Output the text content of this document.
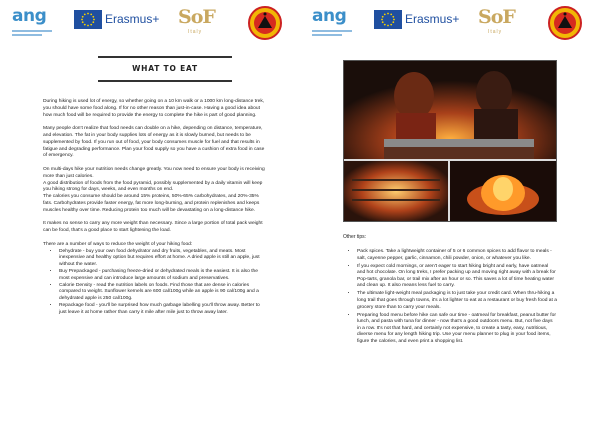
ang	Erasmus+ SoF
Italy
WHAT TO EAT

During hiking is used lot of energy, so whether going on a 10 km walk or a 1000 km long-distance trek, you should have some food along. If for no other reason than just-in-case. Having a good idea about how much food will be required to provide the energy to complete the hike is part of good planning.

Many people don't realize that food needs can double on a hike, depending on distance, temperature, and elevation. The fat in your body supplies lots of energy as it is slowly burned, but needs to be supplemented by food. If you run out of food, your body consumes muscle for fuel and that results in fatigue and degrading performance. Plan your food supply so you have a cushion of extra food in case of emergency.

On multi-days hike your nutrition needs change greatly. You now need to ensure your body is receiving more than just calories.
A good distribution of foods from the food pyramid, possibly supplemented by a daily vitamin will keep you hiking strong for days, weeks, and even months on end.
The calories you consume should be around 15% proteins, 50%-65% carbohydrates, and 20%-35% fats. Carbohydrates provide faster energy, fat more long-burning, and protein replenishes and keeps muscles healthy over time. Reducing protein too much will be devastating on a long-distance hike.

It makes no sense to carry any more weight than necessary. Since a large portion of total pack weight can be food, that's a good place to start lightening the load.

There are a number of ways to reduce the weight of your hiking food:

• Dehydrate - buy your own food dehydrator and dry fruits, vegetables, and meats. Most inexpensive and healthy option but requires effort at home. A dried apple is still an apple, just without the water.
• Buy Prepackaged - purchasing freeze-dried or dehydrated meals is the easiest. It is also the most expensive and can introduce large amounts of sodium and preservatives.
• Calorie Density - read the nutrition labels on foods. Find those that are dense in calories compared to weight. Sunflower kernels are 600 cal/100g while an apple is 90 cal/100g and a dehydrated apple is 250 cal/100g.
• Repackage food - you'll be surprised how much garbage labelling you'll throw away. Better to just leave it at home rather than carry it mile after mile just to throw away later.
ang	Erasmus+ SoF
Italy
Other tips:
• Pack spices. Take a lightweight container of 5 or 6 common spices to add flavor to meals - salt, cayenne pepper, garlic, cinnamon, chili powder, onion, or whatever you like.
• If you expect cold mornings, or aren't eager to start hiking bright and early, have oatmeal and hot chocolate. On long treks, I prefer packing up and moving right away with a break for Pop-tarts, granola bar, or trail mix after an hour or so. This saves a lot of time heating water and clean up. It also means less fuel to carry.
• The ultimate light-weight meal packaging is to just take your credit card. When thru-hiking a long trail that goes through towns, it's a lot lighter to eat at a restaurant or buy fresh food at a grocery store than to carry your meals.
• Preparing food menu before hike can safe our time - oatmeal for breakfast, peanut butter for lunch, and pasta with tuna for dinner - now that's a good outdoors menu. But, not five days in a row. It's not that hard, and certainly not expensive, to create a tasty, easy, nutritious, diverse menu for any length hiking trip. Use your menu planner to plug in your food items, figure the calories, and even print a shopping list.
